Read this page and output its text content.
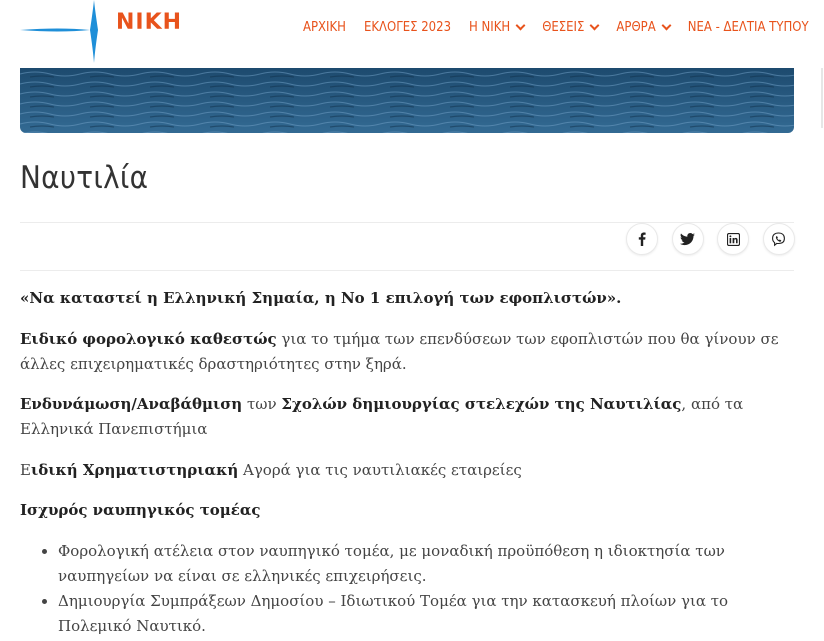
ΝΙΚΗ	ΑΡΧΙΚΗ ΕΚΛΟΓΕΣ 2023 Η ΝΙΚΗ ΘΕΣΕΙΣ ΑΡΘΡΑ ΝΕΑ - ΔΕΛΤΙΑ ΤΥΠΟΥ
Ναυτιλία

«Να καταστεί η Ελληνική Σημαία, η Νο 1 επιλογή των εφοπλιστών».

Ειδικό φορολογικό καθεστώς για το τμήμα των επενδύσεων των εφοπλιστών που θα γίνουν σε άλλες επιχειρηματικές δραστηριότητες στην ξηρά.

Ενδυνάμωση/Αναβάθμιση των Σχολών δημιουργίας στελεχών της Ναυτιλίας, από τα Ελληνικά Πανεπιστήμια

Ειδική Χρηματιστηριακή Αγορά για τις ναυτιλιακές εταιρείες

Ισχυρός ναυπηγικός τομέας

• Φορολογική ατέλεια στον ναυπηγικό τομέα, με μοναδική προϋπόθεση η ιδιοκτησία των ναυπηγείων να είναι σε ελληνικές επιχειρήσεις.
• Δημιουργία Συμπράξεων Δημοσίου – Ιδιωτικού Τομέα για την κατασκευή πλοίων για το Πολεμικό Ναυτικό.
